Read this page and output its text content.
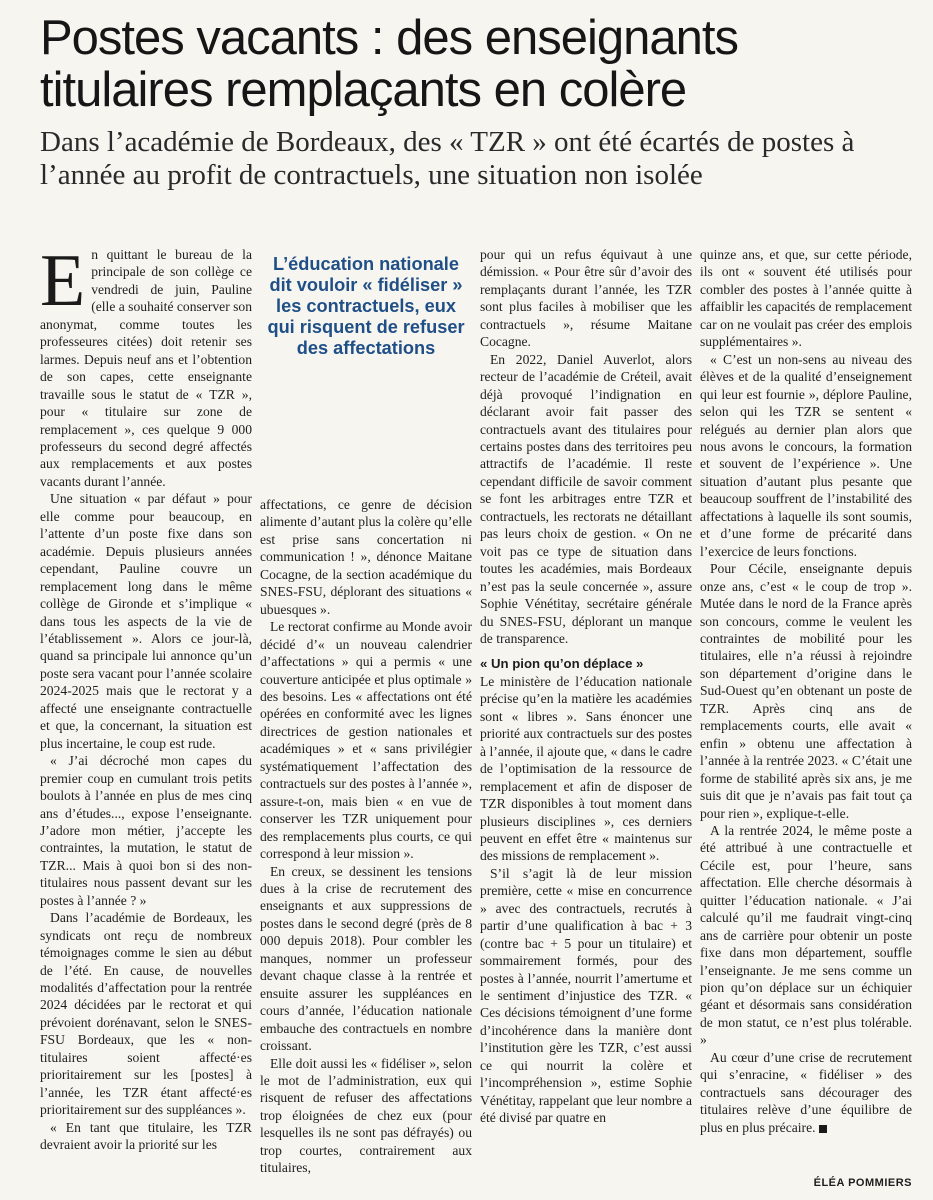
Postes vacants : des enseignants titulaires remplaçants en colère
Dans l’académie de Bordeaux, des « TZR » ont été écartés de postes à l’année au profit de contractuels, une situation non isolée

En quittant le bureau de la principale de son collège ce vendredi de juin, Pauline (elle a souhaité conserver son anonymat, comme toutes les professeures citées) doit retenir ses larmes. Depuis neuf ans et l’obtention de son capes, cette enseignante travaille sous le statut de « TZR », pour « titulaire sur zone de remplacement », ces quelque 9 000 professeurs du second degré affectés aux remplacements et aux postes vacants durant l’année.

Une situation « par défaut » pour elle comme pour beaucoup, en l’attente d’un poste fixe dans son académie. Depuis plusieurs années cependant, Pauline couvre un remplacement long dans le même collège de Gironde et s’implique « dans tous les aspects de la vie de l’établissement ». Alors ce jour-là, quand sa principale lui annonce qu’un poste sera vacant pour l’année scolaire 2024-2025 mais que le rectorat y a affecté une enseignante contractuelle et que, la concernant, la situation est plus incertaine, le coup est rude.

« J’ai décroché mon capes du premier coup en cumulant trois petits boulots à l’année en plus de mes cinq ans d’études..., expose l’enseignante. J’adore mon métier, j’accepte les contraintes, la mutation, le statut de TZR... Mais à quoi bon si des non-titulaires nous passent devant sur les postes à l’année ? »

Dans l’académie de Bordeaux, les syndicats ont reçu de nombreux témoignages comme le sien au début de l’été. En cause, de nouvelles modalités d’affectation pour la rentrée 2024 décidées par le rectorat et qui prévoient dorénavant, selon le SNES-FSU Bordeaux, que les « non-titulaires soient affecté·es prioritairement sur les [postes] à l’année, les TZR étant affecté·es prioritairement sur des suppléances ».

« En tant que titulaire, les TZR devraient avoir la priorité sur les

L’éducation nationale dit vouloir « fidéliser » les contractuels, eux qui risquent de refuser des affectations

affectations, ce genre de décision alimente d’autant plus la colère qu’elle est prise sans concertation ni communication ! », dénonce Maitane Cocagne, de la section académique du SNES-FSU, déplorant des situations « ubuesques ».

Le rectorat confirme au Monde avoir décidé d’« un nouveau calendrier d’affectations » qui a permis « une couverture anticipée et plus optimale » des besoins. Les « affectations ont été opérées en conformité avec les lignes directrices de gestion nationales et académiques » et « sans privilégier systématiquement l’affectation des contractuels sur des postes à l’année », assure-t-on, mais bien « en vue de conserver les TZR uniquement pour des remplacements plus courts, ce qui correspond à leur mission ».

En creux, se dessinent les tensions dues à la crise de recrutement des enseignants et aux suppressions de postes dans le second degré (près de 8 000 depuis 2018). Pour combler les manques, nommer un professeur devant chaque classe à la rentrée et ensuite assurer les suppléances en cours d’année, l’éducation nationale embauche des contractuels en nombre croissant.

Elle doit aussi les « fidéliser », selon le mot de l’administration, eux qui risquent de refuser des affectations trop éloignées de chez eux (pour lesquelles ils ne sont pas défrayés) ou trop courtes, contrairement aux titulaires,

pour qui un refus équivaut à une démission. « Pour être sûr d’avoir des remplaçants durant l’année, les TZR sont plus faciles à mobiliser que les contractuels », résume Maitane Cocagne.

En 2022, Daniel Auverlot, alors recteur de l’académie de Créteil, avait déjà provoqué l’indignation en déclarant avoir fait passer des contractuels avant des titulaires pour certains postes dans des territoires peu attractifs de l’académie. Il reste cependant difficile de savoir comment se font les arbitrages entre TZR et contractuels, les rectorats ne détaillant pas leurs choix de gestion. « On ne voit pas ce type de situation dans toutes les académies, mais Bordeaux n’est pas la seule concernée », assure Sophie Vénétitay, secrétaire générale du SNES-FSU, déplorant un manque de transparence.

« Un pion qu’on déplace »

Le ministère de l’éducation nationale précise qu’en la matière les académies sont « libres ». Sans énoncer une priorité aux contractuels sur des postes à l’année, il ajoute que, « dans le cadre de l’optimisation de la ressource de remplacement et afin de disposer de TZR disponibles à tout moment dans plusieurs disciplines », ces derniers peuvent en effet être « maintenus sur des missions de remplacement ».

S’il s’agit là de leur mission première, cette « mise en concurrence » avec des contractuels, recrutés à partir d’une qualification à bac + 3 (contre bac + 5 pour un titulaire) et sommairement formés, pour des postes à l’année, nourrit l’amertume et le sentiment d’injustice des TZR. « Ces décisions témoignent d’une forme d’incohérence dans la manière dont l’institution gère les TZR, c’est aussi ce qui nourrit la colère et l’incompréhension », estime Sophie Vénétitay, rappelant que leur nombre a été divisé par quatre en

quinze ans, et que, sur cette période, ils ont « souvent été utilisés pour combler des postes à l’année quitte à affaiblir les capacités de remplacement car on ne voulait pas créer des emplois supplémentaires ».

« C’est un non-sens au niveau des élèves et de la qualité d’enseignement qui leur est fournie », déplore Pauline, selon qui les TZR se sentent « relégués au dernier plan alors que nous avons le concours, la formation et souvent de l’expérience ». Une situation d’autant plus pesante que beaucoup souffrent de l’instabilité des affectations à laquelle ils sont soumis, et d’une forme de précarité dans l’exercice de leurs fonctions.

Pour Cécile, enseignante depuis onze ans, c’est « le coup de trop ». Mutée dans le nord de la France après son concours, comme le veulent les contraintes de mobilité pour les titulaires, elle n’a réussi à rejoindre son département d’origine dans le Sud-Ouest qu’en obtenant un poste de TZR. Après cinq ans de remplacements courts, elle avait « enfin » obtenu une affectation à l’année à la rentrée 2023. « C’était une forme de stabilité après six ans, je me suis dit que je n’avais pas fait tout ça pour rien », explique-t-elle.

A la rentrée 2024, le même poste a été attribué à une contractuelle et Cécile est, pour l’heure, sans affectation. Elle cherche désormais à quitter l’éducation nationale. « J’ai calculé qu’il me faudrait vingt-cinq ans de carrière pour obtenir un poste fixe dans mon département, souffle l’enseignante. Je me sens comme un pion qu’on déplace sur un échiquier géant et désormais sans considération de mon statut, ce n’est plus tolérable. »

Au cœur d’une crise de recrutement qui s’enracine, « fidéliser » des contractuels sans décourager des titulaires relève d’une équilibre de plus en plus précaire.

ÉLÉA POMMIERS
